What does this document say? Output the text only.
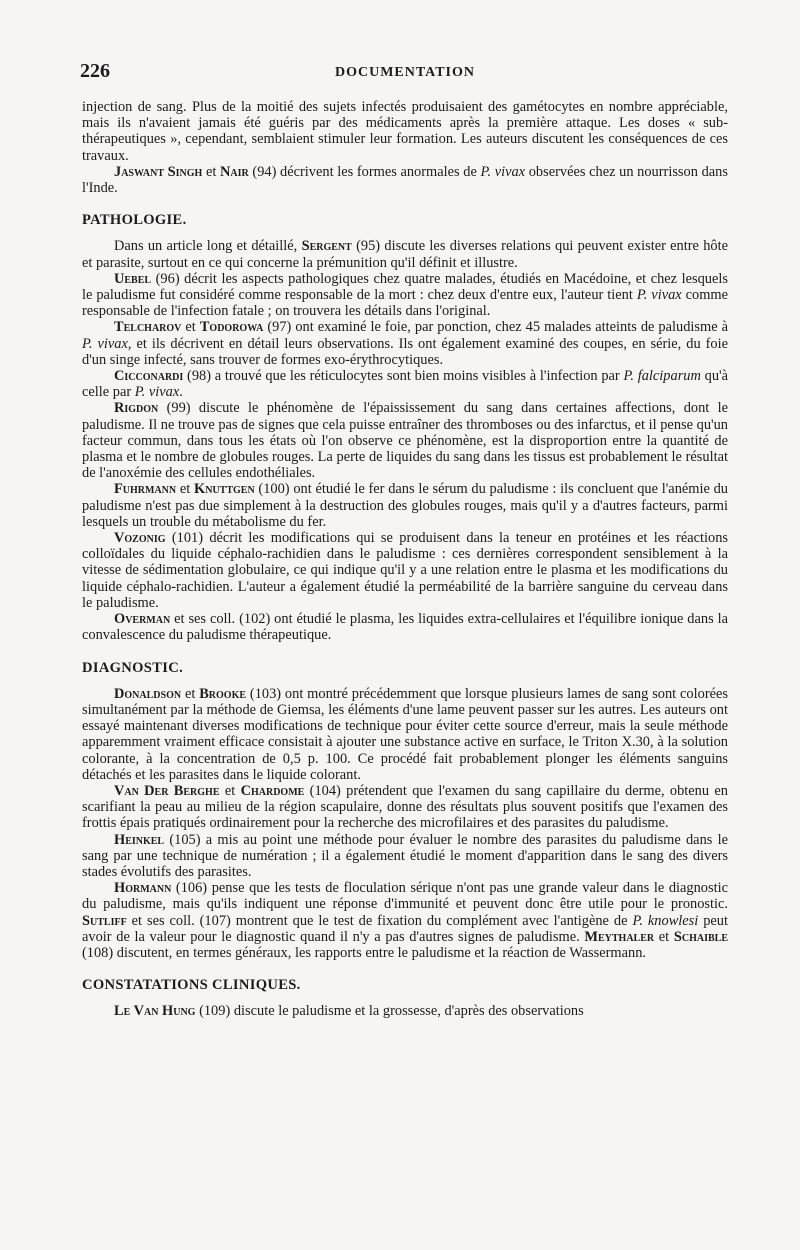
226	DOCUMENTATION

injection de sang. Plus de la moitié des sujets infectés produisaient des gamétocytes en nombre appréciable, mais ils n'avaient jamais été guéris par des médicaments après la première attaque. Les doses « sub-thérapeutiques », cependant, semblaient stimuler leur formation. Les auteurs discutent les conséquences de ces travaux.

Jaswant Singh et Nair (94) décrivent les formes anormales de P. vivax observées chez un nourrisson dans l'Inde.

PATHOLOGIE.

Dans un article long et détaillé, Sergent (95) discute les diverses relations qui peuvent exister entre hôte et parasite, surtout en ce qui concerne la prémunition qu'il définit et illustre.

Uebel (96) décrit les aspects pathologiques chez quatre malades, étudiés en Macédoine, et chez lesquels le paludisme fut considéré comme responsable de la mort : chez deux d'entre eux, l'auteur tient P. vivax comme responsable de l'infection fatale ; on trouvera les détails dans l'original.

Telcharov et Todorowa (97) ont examiné le foie, par ponction, chez 45 malades atteints de paludisme à P. vivax, et ils décrivent en détail leurs observations. Ils ont également examiné des coupes, en série, du foie d'un singe infecté, sans trouver de formes exo-érythrocytiques.

Cicconardi (98) a trouvé que les réticulocytes sont bien moins visibles à l'infection par P. falciparum qu'à celle par P. vivax.

Rigdon (99) discute le phénomène de l'épaississement du sang dans certaines affections, dont le paludisme. Il ne trouve pas de signes que cela puisse entraîner des thromboses ou des infarctus, et il pense qu'un facteur commun, dans tous les états où l'on observe ce phénomène, est la disproportion entre la quantité de plasma et le nombre de globules rouges. La perte de liquides du sang dans les tissus est probablement le résultat de l'anoxémie des cellules endothéliales.

Fuhrmann et Knuttgen (100) ont étudié le fer dans le sérum du paludisme : ils concluent que l'anémie du paludisme n'est pas due simplement à la destruction des globules rouges, mais qu'il y a d'autres facteurs, parmi lesquels un trouble du métabolisme du fer.

Vozonig (101) décrit les modifications qui se produisent dans la teneur en protéines et les réactions colloïdales du liquide céphalo-rachidien dans le paludisme : ces dernières correspondent sensiblement à la vitesse de sédimentation globulaire, ce qui indique qu'il y a une relation entre le plasma et les modifications du liquide céphalo-rachidien. L'auteur a également étudié la perméabilité de la barrière sanguine du cerveau dans le paludisme.

Overman et ses coll. (102) ont étudié le plasma, les liquides extra-cellulaires et l'équilibre ionique dans la convalescence du paludisme thérapeutique.

DIAGNOSTIC.

Donaldson et Brooke (103) ont montré précédemment que lorsque plusieurs lames de sang sont colorées simultanément par la méthode de Giemsa, les éléments d'une lame peuvent passer sur les autres. Les auteurs ont essayé maintenant diverses modifications de technique pour éviter cette source d'erreur, mais la seule méthode apparemment vraiment efficace consistait à ajouter une substance active en surface, le Triton X.30, à la solution colorante, à la concentration de 0,5 p. 100. Ce procédé fait probablement plonger les éléments sanguins détachés et les parasites dans le liquide colorant.

Van Der Berghe et Chardome (104) prétendent que l'examen du sang capillaire du derme, obtenu en scarifiant la peau au milieu de la région scapulaire, donne des résultats plus souvent positifs que l'examen des frottis épais pratiqués ordinairement pour la recherche des microfilaires et des parasites du paludisme.

Heinkel (105) a mis au point une méthode pour évaluer le nombre des parasites du paludisme dans le sang par une technique de numération ; il a également étudié le moment d'apparition dans le sang des divers stades évolutifs des parasites.

Hormann (106) pense que les tests de floculation sérique n'ont pas une grande valeur dans le diagnostic du paludisme, mais qu'ils indiquent une réponse d'immunité et peuvent donc être utile pour le pronostic. Sutliff et ses coll. (107) montrent que le test de fixation du complément avec l'antigène de P. knowlesi peut avoir de la valeur pour le diagnostic quand il n'y a pas d'autres signes de paludisme. Meythaler et Schaible (108) discutent, en termes généraux, les rapports entre le paludisme et la réaction de Wassermann.

CONSTATATIONS CLINIQUES.

Le Van Hung (109) discute le paludisme et la grossesse, d'après des observations
